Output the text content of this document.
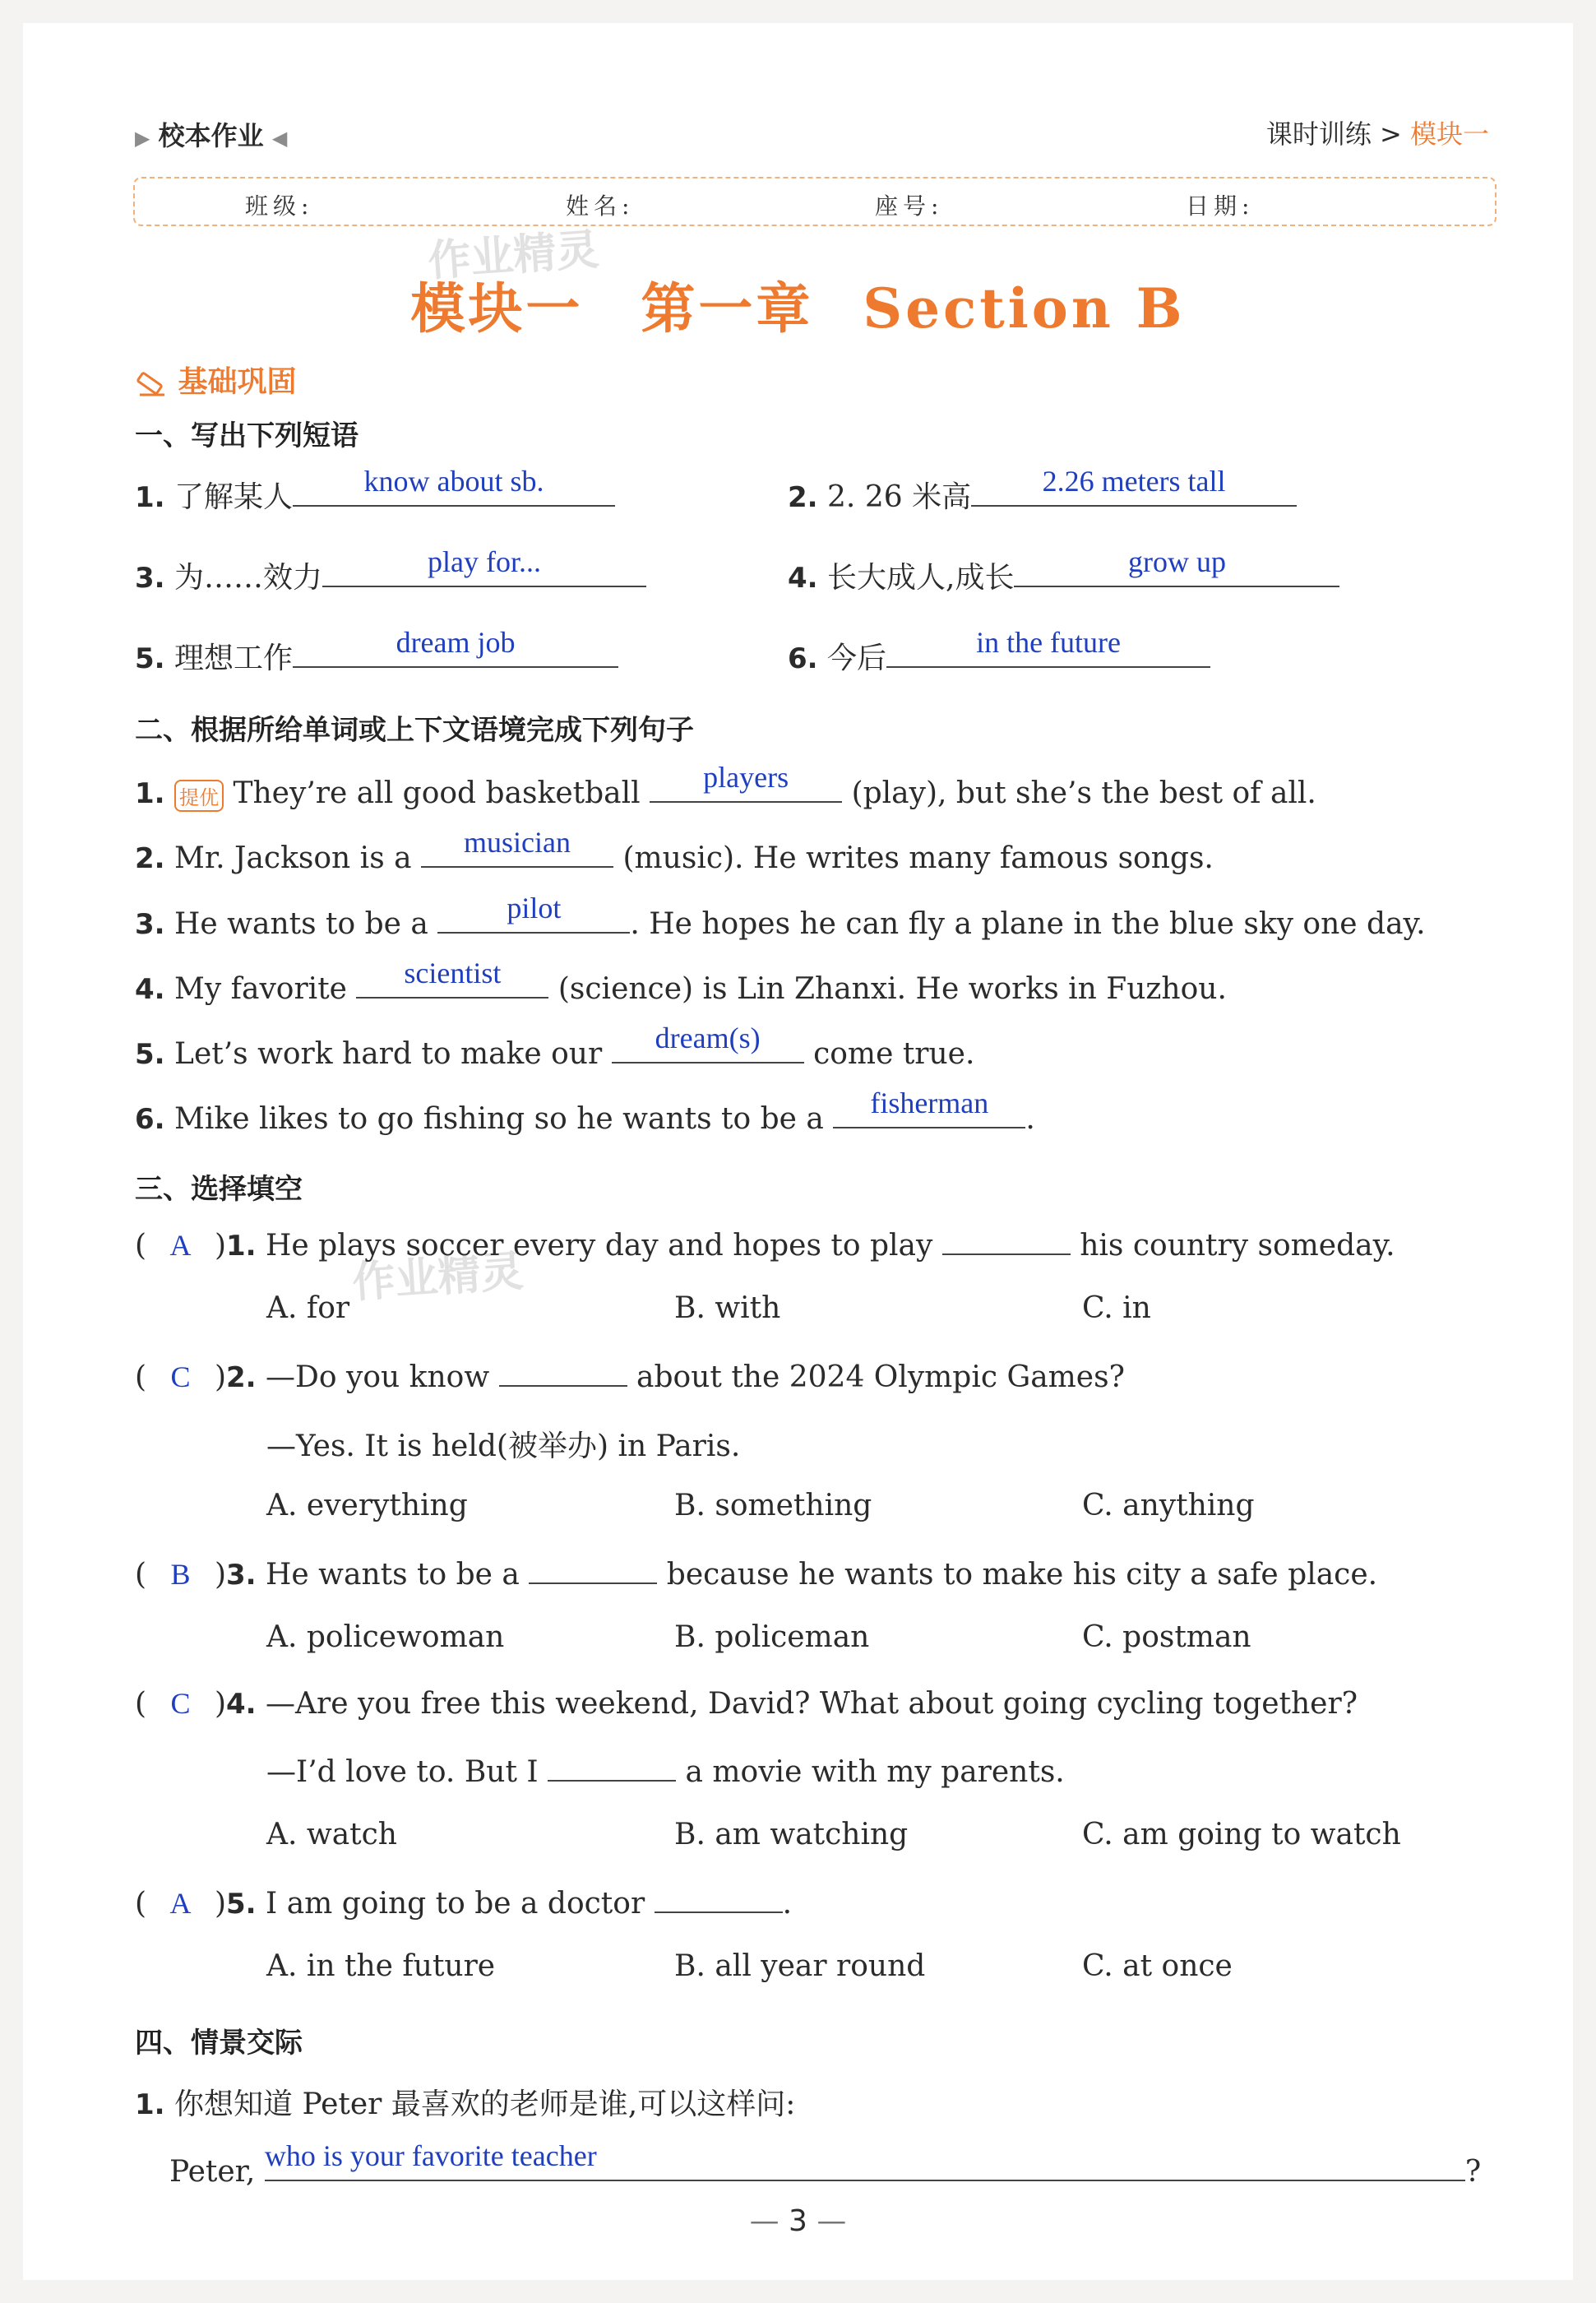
▶ 校本作业 ◀	课时训练 > 模块一
班级:	姓名:	座号:	日期:
作业精灵
作业精灵
模块一 第一章 Section B
基础巩固
一、写出下列短语
1. 了解某人	know about sb.	2. 2. 26 米高	2.26 meters tall
3. 为……效力	play for...	4. 长大成人,成长	grow up
5. 理想工作	dream job	6. 今后	in the future
二、根据所给单词或上下文语境完成下列句子
1. 提优 They’re all good basketball	players	(play), but she’s the best of all.
2. Mr. Jackson is a	musician	(music). He writes many famous songs.
3. He wants to be a	pilot	. He hopes he can fly a plane in the blue sky one day.
4. My favorite	scientist	(science) is Lin Zhanxi. He works in Fuzhou.
5. Let’s work hard to make our	dream(s)	come true.
6. Mike likes to go fishing so he wants to be a	fisherman	.
三、选择填空
( A )1. He plays soccer every day and hopes to play	his country someday.
A. for	B. with	C. in
( C )2. —Do you know	about the 2024 Olympic Games?
—Yes. It is held(被举办) in Paris.
A. everything	B. something	C. anything
( B )3. He wants to be a	because he wants to make his city a safe place.
A. policewoman	B. policeman	C. postman
( C )4. —Are you free this weekend, David? What about going cycling together?
—I’d love to. But I	a movie with my parents.
A. watch	B. am watching	C. am going to watch
( A )5. I am going to be a doctor	.
A. in the future	B. all year round	C. at once
四、情景交际
1. 你想知道 Peter 最喜欢的老师是谁,可以这样问:
Peter, who is your favorite teacher	?
— 3 —
